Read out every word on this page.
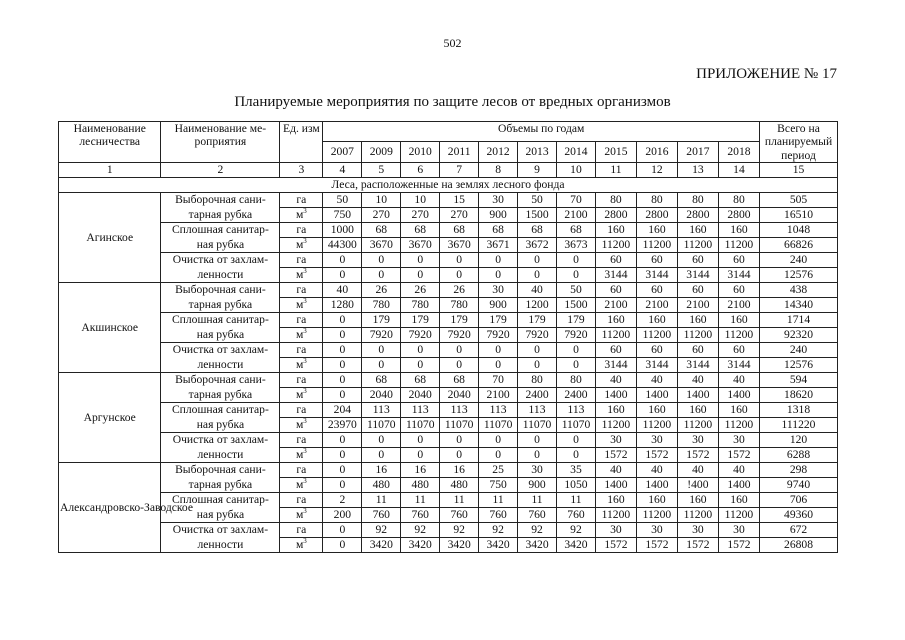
502
ПРИЛОЖЕНИЕ № 17
Планируемые мероприятия по защите лесов от вредных организмов
Наименование лесничества	Наименование ме- роприятия	Ед. изм	Объемы по годам											Всего на планируемый период
			2007	2009	2010	2011	2012	2013	2014	2015	2016	2017	2018	
1	2	3	4	5	6	7	8	9	10	11	12	13	14	15
Леса, расположенные на землях лесного фонда														
Агинское	Выборочная сани-	га	50	10	10	15	30	50	70	80	80	80	80	505
	тарная рубка	$м^3$	750	270	270	270	900	1500	2100	2800	2800	2800	2800	16510
	Сплошная санитар-	га	1000	68	68	68	68	68	68	160	160	160	160	1048
	ная рубка	$м^3$	44300	3670	3670	3670	3671	3672	3673	11200	11200	11200	11200	66826
	Очистка от захлам-	га	0	0	0	0	0	0	0	60	60	60	60	240
	ленности	$м^3$	0	0	0	0	0	0	0	3144	3144	3144	3144	12576
Акшинское	Выборочная сани-	га	40	26	26	26	30	40	50	60	60	60	60	438
	тарная рубка	$м^3$	1280	780	780	780	900	1200	1500	2100	2100	2100	2100	14340
	Сплошная санитар-	га	0	179	179	179	179	179	179	160	160	160	160	1714
	ная рубка	$м^3$	0	7920	7920	7920	7920	7920	7920	11200	11200	11200	11200	92320
	Очистка от захлам-	га	0	0	0	0	0	0	0	60	60	60	60	240
	ленности	$м^3$	0	0	0	0	0	0	0	3144	3144	3144	3144	12576
Аргунское	Выборочная сани-	га	0	68	68	68	70	80	80	40	40	40	40	594
	тарная рубка	$м^3$	0	2040	2040	2040	2100	2400	2400	1400	1400	1400	1400	18620
	Сплошная санитар-	га	204	113	113	113	113	113	113	160	160	160	160	1318
	ная рубка	$м^3$	23970	11070	11070	11070	11070	11070	11070	11200	11200	11200	11200	111220
	Очистка от захлам-	га	0	0	0	0	0	0	0	30	30	30	30	120
	ленности	$м^3$	0	0	0	0	0	0	0	1572	1572	1572	1572	6288
Александровско-Заводское	Выборочная сани-	га	0	16	16	16	25	30	35	40	40	40	40	298
	тарная рубка	$м^3$	0	480	480	480	750	900	1050	1400	1400	!400	1400	9740
	Сплошная санитар-	га	2	11	11	11	11	11	11	160	160	160	160	706
	ная рубка	$м^3$	200	760	760	760	760	760	760	11200	11200	11200	11200	49360
	Очистка от захлам-	га	0	92	92	92	92	92	92	30	30	30	30	672
	ленности	$м^3$	0	3420	3420	3420	3420	3420	3420	1572	1572	1572	1572	26808
